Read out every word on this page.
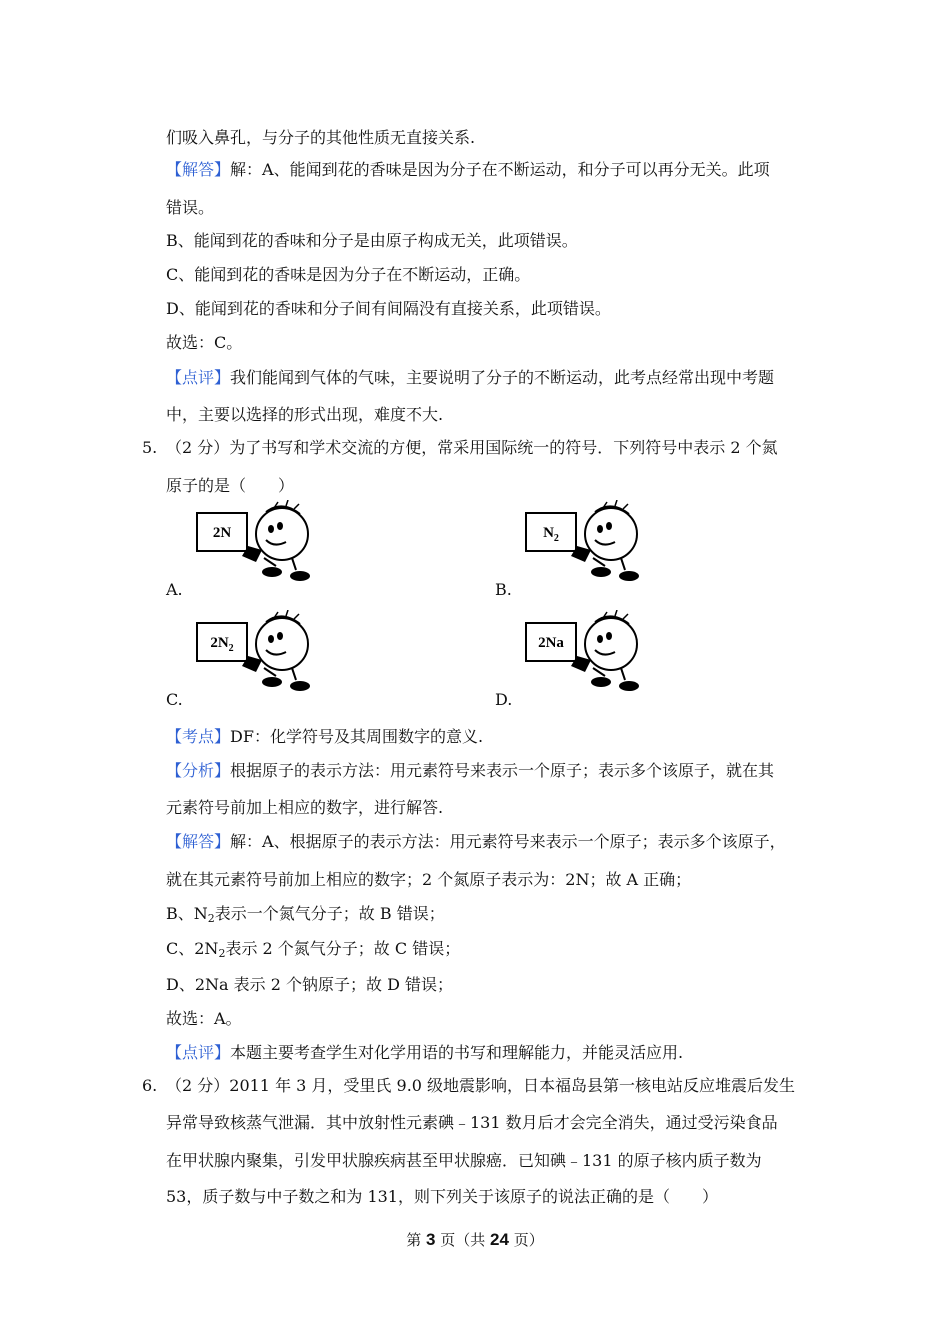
们吸入鼻孔，与分子的其他性质无直接关系.
【解答】解：A、能闻到花的香味是因为分子在不断运动，和分子可以再分无关。此项
错误。
B、能闻到花的香味和分子是由原子构成无关，此项错误。
C、能闻到花的香味是因为分子在不断运动，正确。
D、能闻到花的香味和分子间有间隔没有直接关系，此项错误。
故选：C。
【点评】我们能闻到气体的气味，主要说明了分子的不断运动，此考点经常出现中考题
中，主要以选择的形式出现，难度不大.
5. （2 分）为了书写和学术交流的方便，常采用国际统一的符号．下列符号中表示 2 个氮
原子的是（　　）
2N
A.
$N_2$
B.
$2N_2$
C.
2Na
D.
【考点】DF：化学符号及其周围数字的意义.
【分析】根据原子的表示方法：用元素符号来表示一个原子；表示多个该原子，就在其
元素符号前加上相应的数字，进行解答.
【解答】解：A、根据原子的表示方法：用元素符号来表示一个原子；表示多个该原子，
就在其元素符号前加上相应的数字；2 个氮原子表示为：2N；故 A 正确；
B、$N_2$表示一个氮气分子；故 B 错误；
C、$2N_2$表示 2 个氮气分子；故 C 错误；
D、2Na 表示 2 个钠原子；故 D 错误；
故选：A。
【点评】本题主要考查学生对化学用语的书写和理解能力，并能灵活应用.
6. （2 分）2011 年 3 月，受里氏 9.0 级地震影响，日本福岛县第一核电站反应堆震后发生
异常导致核蒸气泄漏．其中放射性元素碘﹣131 数月后才会完全消失，通过受污染食品
在甲状腺内聚集，引发甲状腺疾病甚至甲状腺癌．已知碘﹣131 的原子核内质子数为
53，质子数与中子数之和为 131，则下列关于该原子的说法正确的是（　　）
第 3 页（共 24 页）
